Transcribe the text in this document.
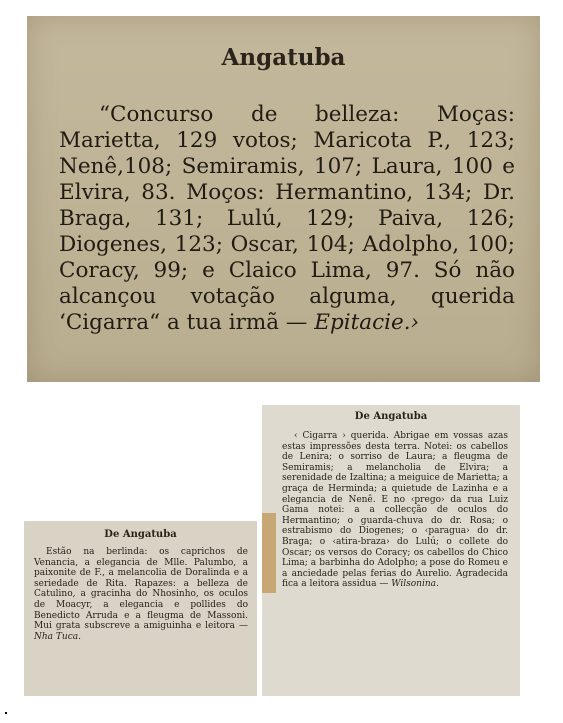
Angatuba
“Concurso de belleza: Moças: Marietta, 129 votos; Maricota P., 123; Nenê,108; Semiramis, 107; Laura, 100 e Elvira, 83. Moços: Hermantino, 134; Dr. Braga, 131; Lulú, 129; Paiva, 126; Diogenes, 123; Oscar, 104; Adolpho, 100; Coracy, 99; e Claico Lima, 97. Só não alcançou votação alguma, querida ‘Cigarra“ a tua irmã — Epitacie.›
De Angatuba
Estão na berlinda: os caprichos de Venancia, a elegancia de Mlle. Palumbo, a paixonite de F., a melancolia de Doralinda e a seriedade de Rita. Rapazes: a belleza de Catulino, a gracinha do Nhosinho, os oculos de Moacyr, a elegancia e pollides do Benedicto Arruda e a fleugma de Massoni. Mui grata subscreve a amiguinha e leitora — Nha Tuca.
De Angatuba
‹ Cigarra › querida. Abrigae em vossas azas estas impressões desta terra. Notei: os cabellos de Lenira; o sorriso de Laura; a fleugma de Semiramis; a melancholia de Elvira; a serenidade de Izaltina; a meiguice de Marietta; a graça de Herminda; a quietude de Lazinha e a elegancia de Nenê. E no ‹prego› da rua Luiz Gama notei: a a collecção de oculos do Hermantino; o guarda-chuva do dr. Rosa; o estrabismo do Diogenes; o ‹paragua› do dr. Braga; o ‹atira-braza› do Lulú; o collete do Oscar; os versos do Coracy; os cabellos do Chico Lima; a barbinha do Adolpho; a pose do Romeu e a anciedade pelas ferias do Aurelio. Agradecida fica a leitora assidua — Wilsonina.
